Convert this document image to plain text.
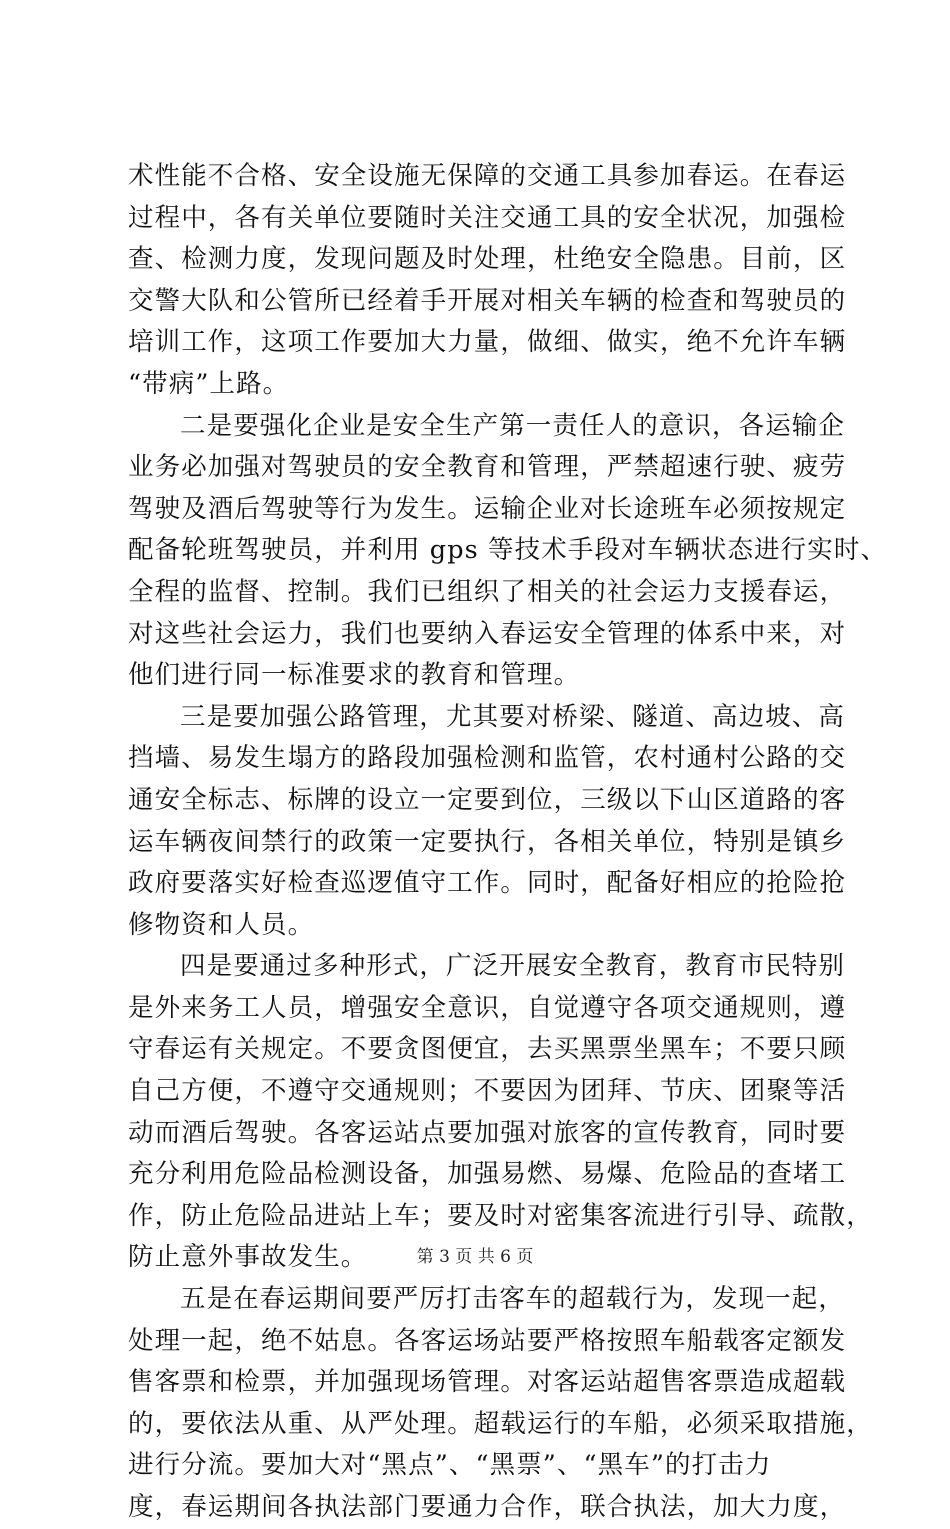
术性能不合格、安全设施无保障的交通工具参加春运。在春运
过程中，各有关单位要随时关注交通工具的安全状况，加强检
查、检测力度，发现问题及时处理，杜绝安全隐患。目前，区
交警大队和公管所已经着手开展对相关车辆的检查和驾驶员的
培训工作，这项工作要加大力量，做细、做实，绝不允许车辆
“带病”上路。
二是要强化企业是安全生产第一责任人的意识，各运输企
业务必加强对驾驶员的安全教育和管理，严禁超速行驶、疲劳
驾驶及酒后驾驶等行为发生。运输企业对长途班车必须按规定
配备轮班驾驶员，并利用 gps 等技术手段对车辆状态进行实时、
全程的监督、控制。我们已组织了相关的社会运力支援春运，
对这些社会运力，我们也要纳入春运安全管理的体系中来，对
他们进行同一标准要求的教育和管理。
三是要加强公路管理，尤其要对桥梁、隧道、高边坡、高
挡墙、易发生塌方的路段加强检测和监管，农村通村公路的交
通安全标志、标牌的设立一定要到位，三级以下山区道路的客
运车辆夜间禁行的政策一定要执行，各相关单位，特别是镇乡
政府要落实好检查巡逻值守工作。同时，配备好相应的抢险抢
修物资和人员。
四是要通过多种形式，广泛开展安全教育，教育市民特别
是外来务工人员，增强安全意识，自觉遵守各项交通规则，遵
守春运有关规定。不要贪图便宜，去买黑票坐黑车；不要只顾
自己方便，不遵守交通规则；不要因为团拜、节庆、团聚等活
动而酒后驾驶。各客运站点要加强对旅客的宣传教育，同时要
充分利用危险品检测设备，加强易燃、易爆、危险品的查堵工
作，防止危险品进站上车；要及时对密集客流进行引导、疏散，
防止意外事故发生。
五是在春运期间要严厉打击客车的超载行为，发现一起，
处理一起，绝不姑息。各客运场站要严格按照车船载客定额发
售客票和检票，并加强现场管理。对客运站超售客票造成超载
的，要依法从重、从严处理。超载运行的车船，必须采取措施，
进行分流。要加大对“黑点”、“黑票”、“黑车”的打击力
度，春运期间各执法部门要通力合作，联合执法，加大力度，
第 3 页 共 6 页
